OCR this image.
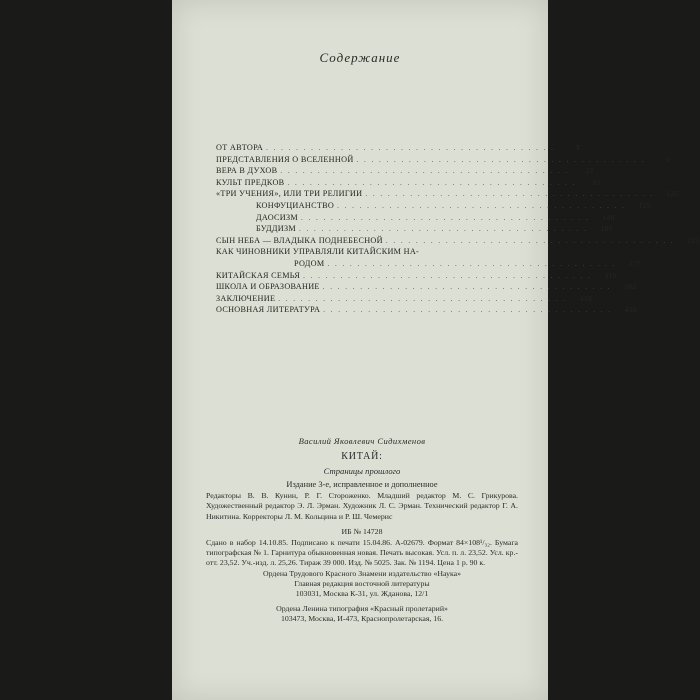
Содержание
ОТ АВТОРА . . . . . . . . . . . . . . . . . . . . . . . . . . . . . . . . . . . . . . .	3
ПРЕДСТАВЛЕНИЯ О ВСЕЛЕННОЙ . . . . . . . . . . . . . . . . . . . . . . . . . . . . . . . . . . . . . . .	6
ВЕРА В ДУХОВ . . . . . . . . . . . . . . . . . . . . . . . . . . . . . . . . . . . . . . .	21
КУЛЬТ ПРЕДКОВ . . . . . . . . . . . . . . . . . . . . . . . . . . . . . . . . . . . . . . .	81
«ТРИ УЧЕНИЯ», ИЛИ ТРИ РЕЛИГИИ . . . . . . . . . . . . . . . . . . . . . . . . . . . . . . . . . . . . . . .	125
КОНФУЦИАНСТВО . . . . . . . . . . . . . . . . . . . . . . . . . . . . . . . . . . . . . . .	125
ДАОСИЗМ . . . . . . . . . . . . . . . . . . . . . . . . . . . . . . . . . . . . . . .	148
БУДДИЗМ . . . . . . . . . . . . . . . . . . . . . . . . . . . . . . . . . . . . . . .	180
СЫН НЕБА — ВЛАДЫКА ПОДНЕБЕСНОЙ . . . . . . . . . . . . . . . . . . . . . . . . . . . . . . . . . . . . . . .	223
КАК ЧИНОВНИКИ УПРАВЛЯЛИ КИТАЙСКИМ НА-
РОДОМ . . . . . . . . . . . . . . . . . . . . . . . . . . . . . . . . . . . . . . .	275
КИТАЙСКАЯ СЕМЬЯ . . . . . . . . . . . . . . . . . . . . . . . . . . . . . . . . . . . . . . .	319
ШКОЛА И ОБРАЗОВАНИЕ . . . . . . . . . . . . . . . . . . . . . . . . . . . . . . . . . . . . . . .	382
ЗАКЛЮЧЕНИЕ . . . . . . . . . . . . . . . . . . . . . . . . . . . . . . . . . . . . . . .	418
ОСНОВНАЯ ЛИТЕРАТУРА . . . . . . . . . . . . . . . . . . . . . . . . . . . . . . . . . . . . . . .	438
Василий Яковлевич Сидихменов
КИТАЙ:
Страницы прошлого
Издание 3-е, исправленное и дополненное
Редакторы В. В. Кунин, Р. Г. Стороженко. Младший редактор М. С. Грикурова. Художественный редактор Э. Л. Эрман. Художник Л. С. Эрман. Технический редактор Г. А. Никитина. Корректоры Л. М. Кольцина и Р. Ш. Чемерис
ИБ № 14728
Сдано в набор 14.10.85. Подписано к печати 15.04.86. А-02679. Формат 84×108¹/₃₂. Бумага типографская № 1. Гарнитура обыкновенная новая. Печать высокая. Усл. п. л. 23,52. Усл. кр.-отт. 23,52. Уч.-изд. л. 25,26. Тираж 39 000. Изд. № 5025. Зак. № 1194. Цена 1 р. 90 к.
Ордена Трудового Красного Знамени издательство «Наука»
Главная редакция восточной литературы
103031, Москва К-31, ул. Жданова, 12/1
Ордена Ленина типография «Красный пролетарий»
103473, Москва, И-473, Краснопролетарская, 16.
